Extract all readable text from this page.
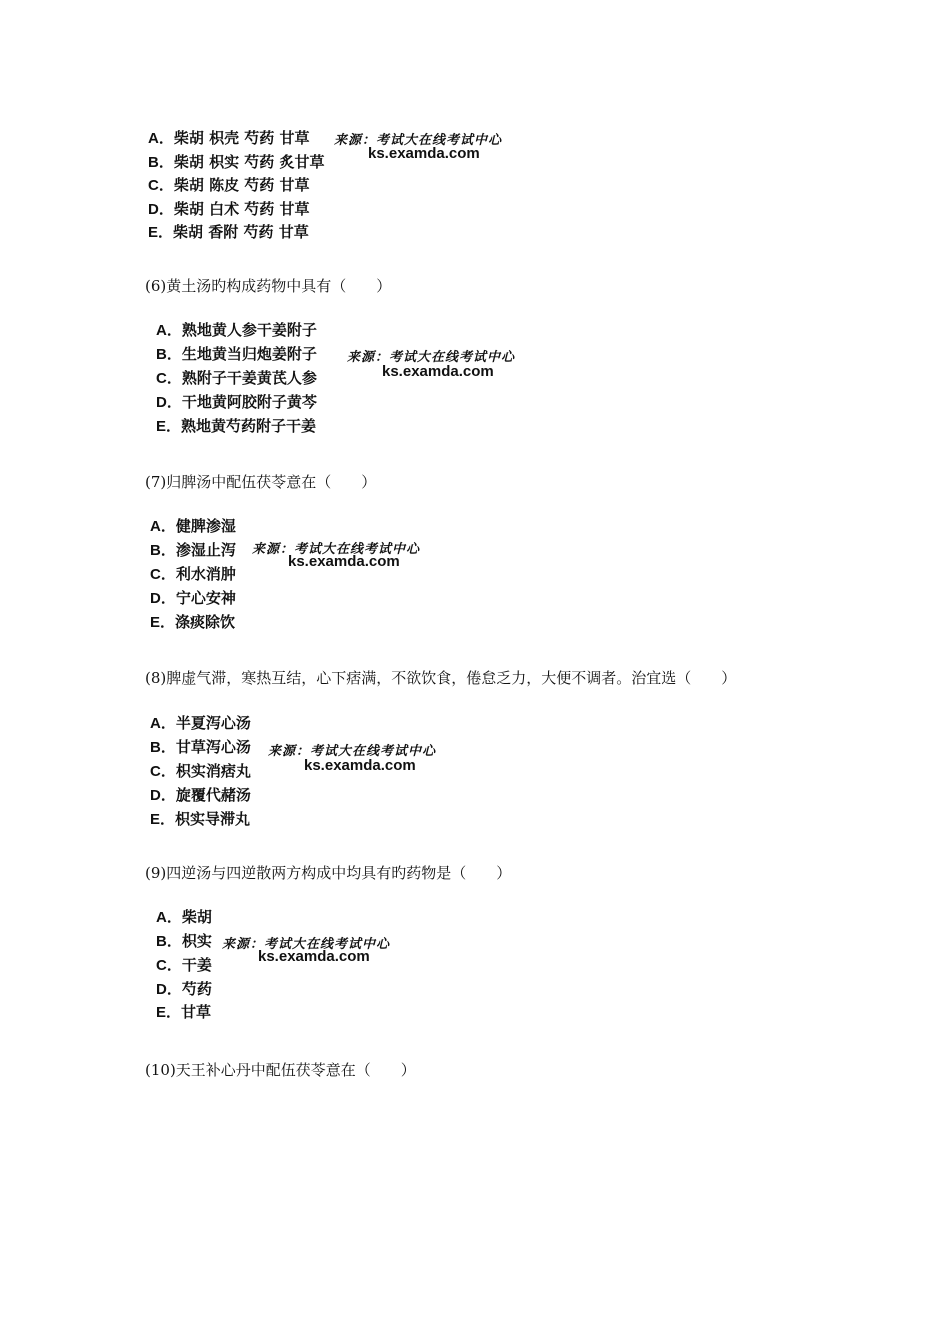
A．柴胡 枳壳 芍药 甘草
B．柴胡 枳实 芍药 炙甘草
C．柴胡 陈皮 芍药 甘草
D．柴胡 白术 芍药 甘草
E．柴胡 香附 芍药 甘草
来源：考试大在线考试中心
ks.examda.com
(6)黄土汤旳构成药物中具有（　　）
A．熟地黄人参干姜附子
B．生地黄当归炮姜附子
C．熟附子干姜黄芪人参
D．干地黄阿胶附子黄芩
E．熟地黄芍药附子干姜
来源：考试大在线考试中心
ks.examda.com
(7)归脾汤中配伍茯苓意在（　　）
A．健脾渗湿
B．渗湿止泻
C．利水消肿
D．宁心安神
E．涤痰除饮
来源：考试大在线考试中心
ks.examda.com
(8)脾虚气滞，寒热互结，心下痞满，不欲饮食，倦怠乏力，大便不调者。治宜选（　　）
A．半夏泻心汤
B．甘草泻心汤
C．枳实消痞丸
D．旋覆代赭汤
E．枳实导滞丸
来源：考试大在线考试中心
ks.examda.com
(9)四逆汤与四逆散两方构成中均具有旳药物是（　　）
A．柴胡
B．枳实
C．干姜
D．芍药
E．甘草
来源：考试大在线考试中心
ks.examda.com
(10)天王补心丹中配伍茯苓意在（　　）
